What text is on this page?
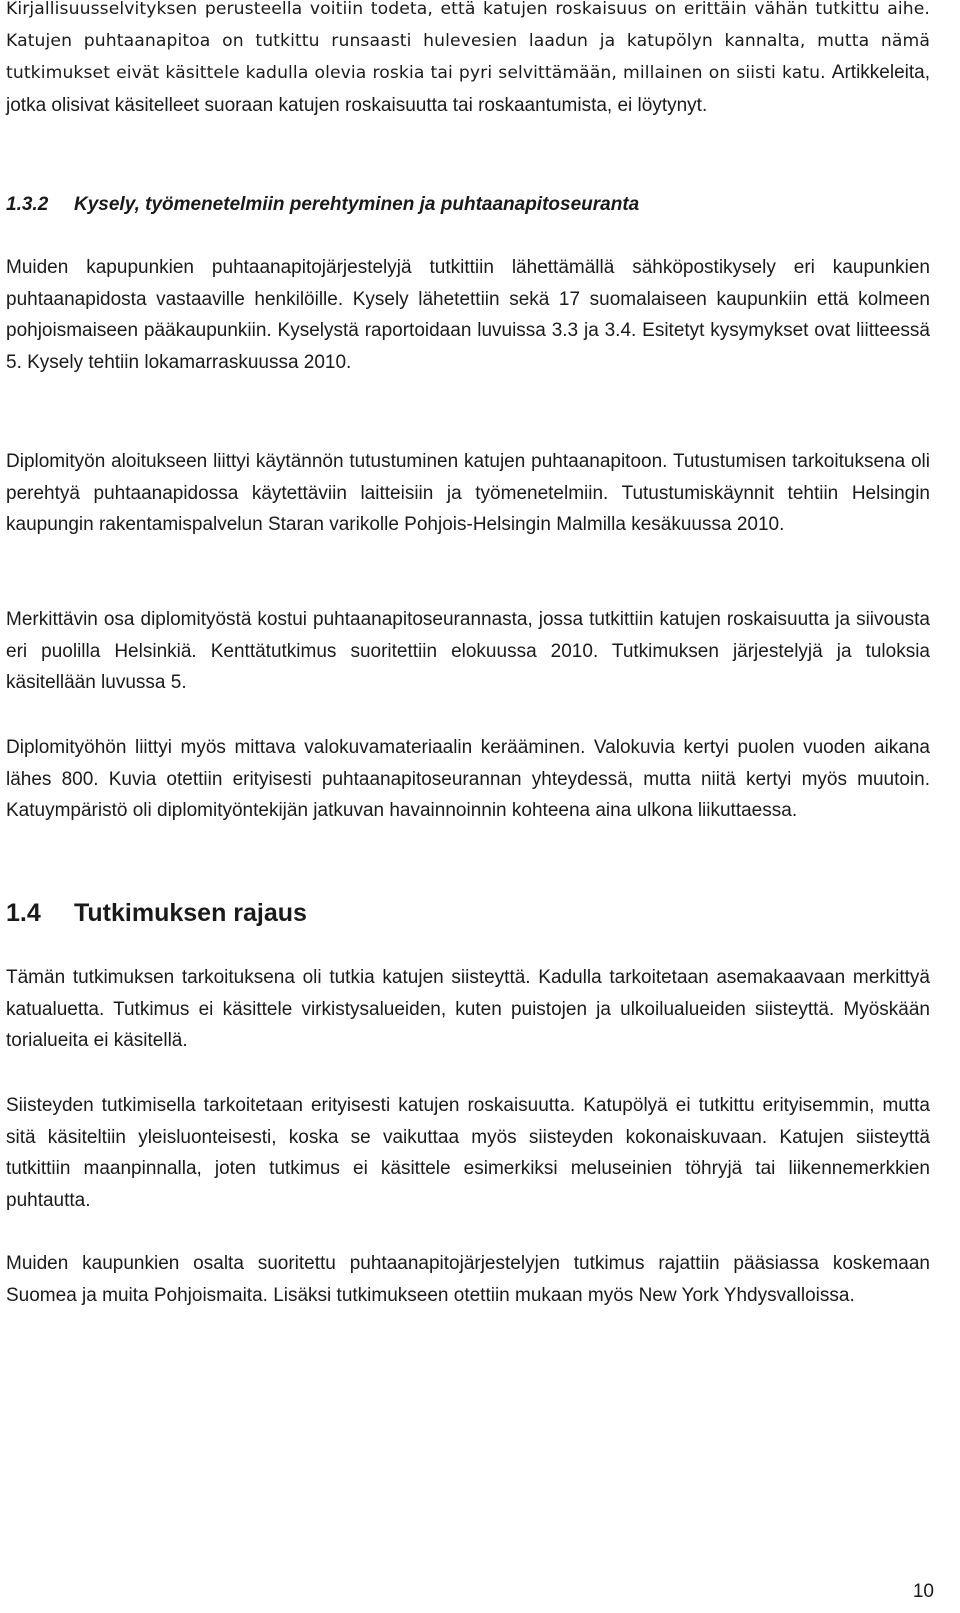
Kirjallisuusselvityksen perusteella voitiin todeta, että katujen roskaisuus on erittäin vähän tutkittu aihe. Katujen puhtaanapitoa on tutkittu runsaasti hulevesien laadun ja katupölyn kannalta, mutta nämä tutkimukset eivät käsittele kadulla olevia roskia tai pyri selvittämään, millainen on siisti katu. Artikkeleita, jotka olisivat käsitelleet suoraan katujen roskaisuutta tai roskaantumista, ei löytynyt.

1.3.2 Kysely, työmenetelmiin perehtyminen ja puhtaanapitoseuranta

Muiden kapupunkien puhtaanapitojärjestelyjä tutkittiin lähettämällä sähköpostikysely eri kaupunkien puhtaanapidosta vastaaville henkilöille. Kysely lähetettiin sekä 17 suomalaiseen kaupunkiin että kolmeen pohjoismaiseen pääkaupunkiin. Kyselystä raportoidaan luvuissa 3.3 ja 3.4. Esitetyt kysymykset ovat liitteessä 5. Kysely tehtiin lokamarraskuussa 2010.

Diplomityön aloitukseen liittyi käytännön tutustuminen katujen puhtaanapitoon. Tutustumisen tarkoituksena oli perehtyä puhtaanapidossa käytettäviin laitteisiin ja työmenetelmiin. Tutustumiskäynnit tehtiin Helsingin kaupungin rakentamispalvelun Staran varikolle Pohjois-Helsingin Malmilla kesäkuussa 2010.

Merkittävin osa diplomityöstä kostui puhtaanapitoseurannasta, jossa tutkittiin katujen roskaisuutta ja siivousta eri puolilla Helsinkiä. Kenttätutkimus suoritettiin elokuussa 2010. Tutkimuksen järjestelyjä ja tuloksia käsitellään luvussa 5.

Diplomityöhön liittyi myös mittava valokuvamateriaalin kerääminen. Valokuvia kertyi puolen vuoden aikana lähes 800. Kuvia otettiin erityisesti puhtaanapitoseurannan yhteydessä, mutta niitä kertyi myös muutoin. Katuympäristö oli diplomityöntekijän jatkuvan havainnoinnin kohteena aina ulkona liikuttaessa.

1.4 Tutkimuksen rajaus

Tämän tutkimuksen tarkoituksena oli tutkia katujen siisteyttä. Kadulla tarkoitetaan asemakaavaan merkittyä katualuetta. Tutkimus ei käsittele virkistysalueiden, kuten puistojen ja ulkoilualueiden siisteyttä. Myöskään torialueita ei käsitellä.

Siisteyden tutkimisella tarkoitetaan erityisesti katujen roskaisuutta. Katupölyä ei tutkittu erityisemmin, mutta sitä käsiteltiin yleisluonteisesti, koska se vaikuttaa myös siisteyden kokonaiskuvaan. Katujen siisteyttä tutkittiin maanpinnalla, joten tutkimus ei käsittele esimerkiksi meluseinien töhryjä tai liikennemerkkien puhtautta.

Muiden kaupunkien osalta suoritettu puhtaanapitojärjestelyjen tutkimus rajattiin pääsiassa koskemaan Suomea ja muita Pohjoismaita. Lisäksi tutkimukseen otettiin mukaan myös New York Yhdysvalloissa.

10
